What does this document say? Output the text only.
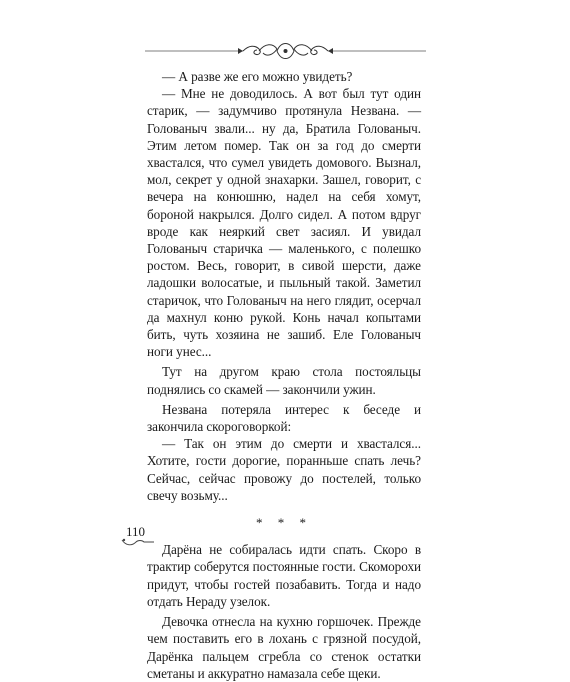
— А разве же его можно увидеть?

— Мне не доводилось. А вот был тут один старик, — задумчиво протянула Незвана. — Голованыч звали... ну да, Братила Голованыч. Этим летом помер. Так он за год до смерти хвастался, что сумел увидеть домового. Вызнал, мол, секрет у одной знахарки. Зашел, говорит, с вечера на конюшню, надел на себя хомут, бороной накрылся. Долго сидел. А потом вдруг вроде как неяркий свет засиял. И увидал Голованыч старичка — маленького, с полешко ростом. Весь, говорит, в сивой шерсти, даже ладошки волосатые, и пыльный такой. Заметил старичок, что Голованыч на него глядит, осерчал да махнул коню рукой. Конь начал копытами бить, чуть хозяина не зашиб. Еле Голованыч ноги унес...

Тут на другом краю стола постояльцы поднялись со скамей — закончили ужин.

Незвана потеряла интерес к беседе и закончила скороговоркой:

— Так он этим до смерти и хвастался... Хотите, гости дорогие, поранньше спать лечь? Сейчас, сейчас провожу до постелей, только свечу возьму...

* * *

Дарёна не собиралась идти спать. Скоро в трактир соберутся постоянные гости. Скоморохи придут, чтобы гостей позабавить. Тогда и надо отдать Нераду узелок.

Девочка отнесла на кухню горшочек. Прежде чем поставить его в лохань с грязной посудой, Дарёнка пальцем сгребла со стенок остатки сметаны и аккуратно намазала себе щеки.

110
